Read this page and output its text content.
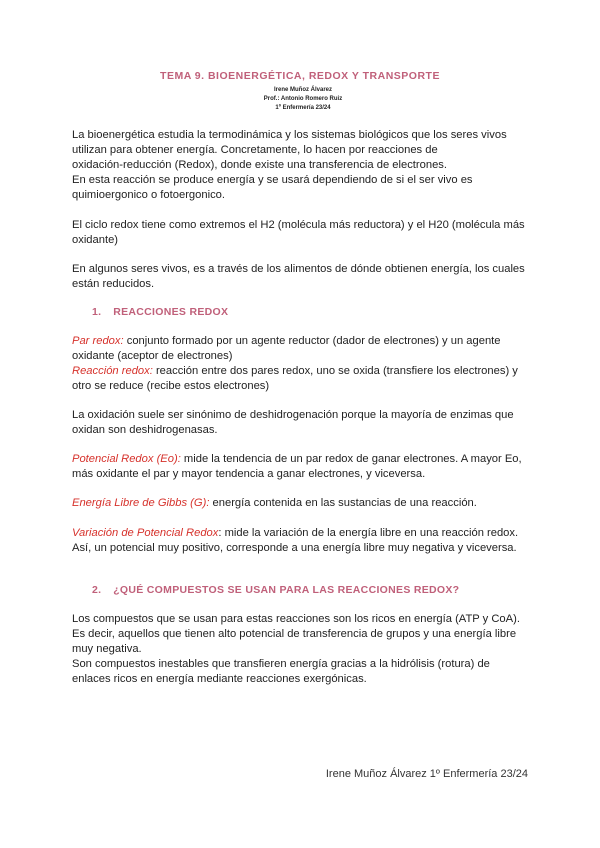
TEMA 9. BIOENERGÉTICA, REDOX Y TRANSPORTE
Irene Muñoz Álvarez
Prof.: Antonio Romero Ruiz
1º Enfermería 23/24

La bioenergética estudia la termodinámica y los sistemas biológicos que los seres vivos

utilizan para obtener energía. Concretamente, lo hacen por reacciones de

oxidación-reducción (Redox), donde existe una transferencia de electrones.

En esta reacción se produce energía y se usará dependiendo de si el ser vivo es

quimioergonico o fotoergonico.

El ciclo redox tiene como extremos el H2 (molécula más reductora) y el H20 (molécula más

oxidante)

En algunos seres vivos, es a través de los alimentos de dónde obtienen energía, los cuales

están reducidos.

1. REACCIONES REDOX

Par redox: conjunto formado por un agente reductor (dador de electrones) y un agente

oxidante (aceptor de electrones)

Reacción redox: reacción entre dos pares redox, uno se oxida (transfiere los electrones) y

otro se reduce (recibe estos electrones)

La oxidación suele ser sinónimo de deshidrogenación porque la mayoría de enzimas que

oxidan son deshidrogenasas.

Potencial Redox (Eo): mide la tendencia de un par redox de ganar electrones. A mayor Eo,

más oxidante el par y mayor tendencia a ganar electrones, y viceversa.

Energía Libre de Gibbs (G): energía contenida en las sustancias de una reacción.

Variación de Potencial Redox: mide la variación de la energía libre en una reacción redox.

Así, un potencial muy positivo, corresponde a una energía libre muy negativa y viceversa.

2. ¿QUÉ COMPUESTOS SE USAN PARA LAS REACCIONES REDOX?

Los compuestos que se usan para estas reacciones son los ricos en energía (ATP y CoA).

Es decir, aquellos que tienen alto potencial de transferencia de grupos y una energía libre

muy negativa.

Son compuestos inestables que transfieren energía gracias a la hidrólisis (rotura) de

enlaces ricos en energía mediante reacciones exergónicas.

Irene Muñoz Álvarez 1º Enfermería 23/24
